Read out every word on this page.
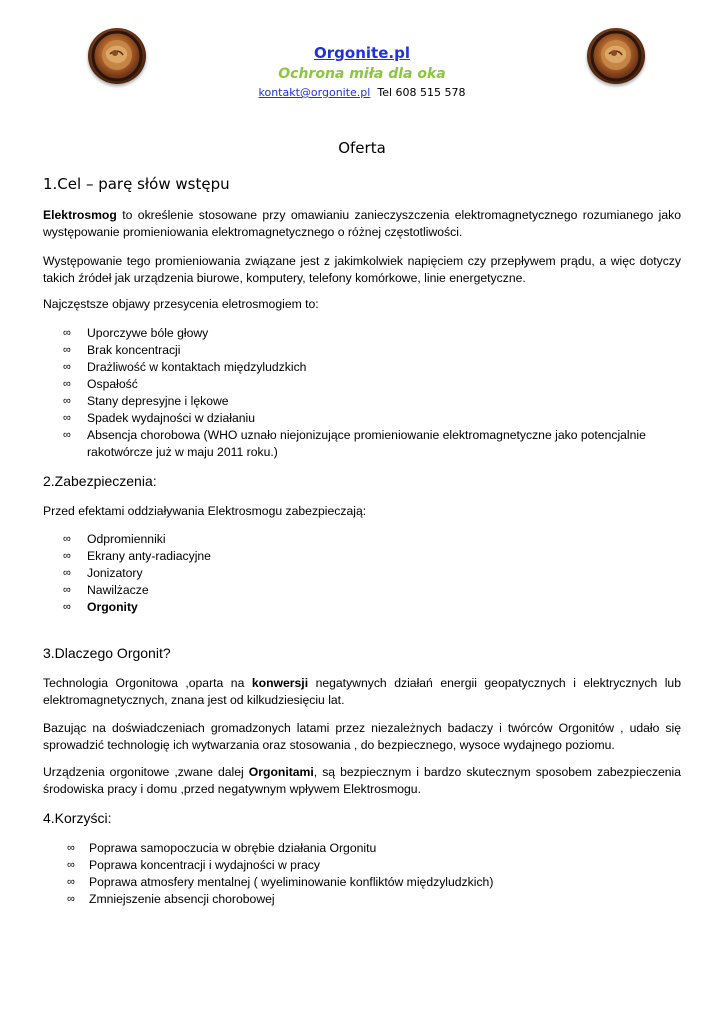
Orgonite.pl
Ochrona miła dla oka
kontakt@orgonite.pl Tel 608 515 578
Oferta
1.Cel – parę słów wstępu
Elektrosmog to określenie stosowane przy omawianiu zanieczyszczenia elektromagnetycznego rozumianego jako występowanie promieniowania elektromagnetycznego o różnej częstotliwości.
Występowanie tego promieniowania związane jest z jakimkolwiek napięciem czy przepływem prądu, a więc dotyczy takich źródeł jak urządzenia biurowe, komputery, telefony komórkowe, linie energetyczne.
Najczęstsze objawy przesycenia eletrosmogiem to:
∞ Uporczywe bóle głowy
∞ Brak koncentracji
∞ Drażliwość w kontaktach międzyludzkich
∞ Ospałość
∞ Stany depresyjne i lękowe
∞ Spadek wydajności w działaniu
∞ Absencja chorobowa (WHO uznało niejonizujące promieniowanie elektromagnetyczne jako potencjalnie rakotwórcze już w maju 2011 roku.)
2.Zabezpieczenia:
Przed efektami oddziaływania Elektrosmogu zabezpieczają:
∞ Odpromienniki
∞ Ekrany anty-radiacyjne
∞ Jonizatory
∞ Nawilżacze
∞ Orgonity
3.Dlaczego Orgonit?
Technologia Orgonitowa ,oparta na konwersji negatywnych działań energii geopatycznych i elektrycznych lub elektromagnetycznych, znana jest od kilkudziesięciu lat.
Bazując na doświadczeniach gromadzonych latami przez niezależnych badaczy i twórców Orgonitów , udało się sprowadzić technologię ich wytwarzania oraz stosowania , do bezpiecznego, wysoce wydajnego poziomu.
Urządzenia orgonitowe ,zwane dalej Orgonitami, są bezpiecznym i bardzo skutecznym sposobem zabezpieczenia środowiska pracy i domu ,przed negatywnym wpływem Elektrosmogu.
4.Korzyści:
∞ Poprawa samopoczucia w obrębie działania Orgonitu
∞ Poprawa koncentracji i wydajności w pracy
∞ Poprawa atmosfery mentalnej ( wyeliminowanie konfliktów międzyludzkich)
∞ Zmniejszenie absencji chorobowej
